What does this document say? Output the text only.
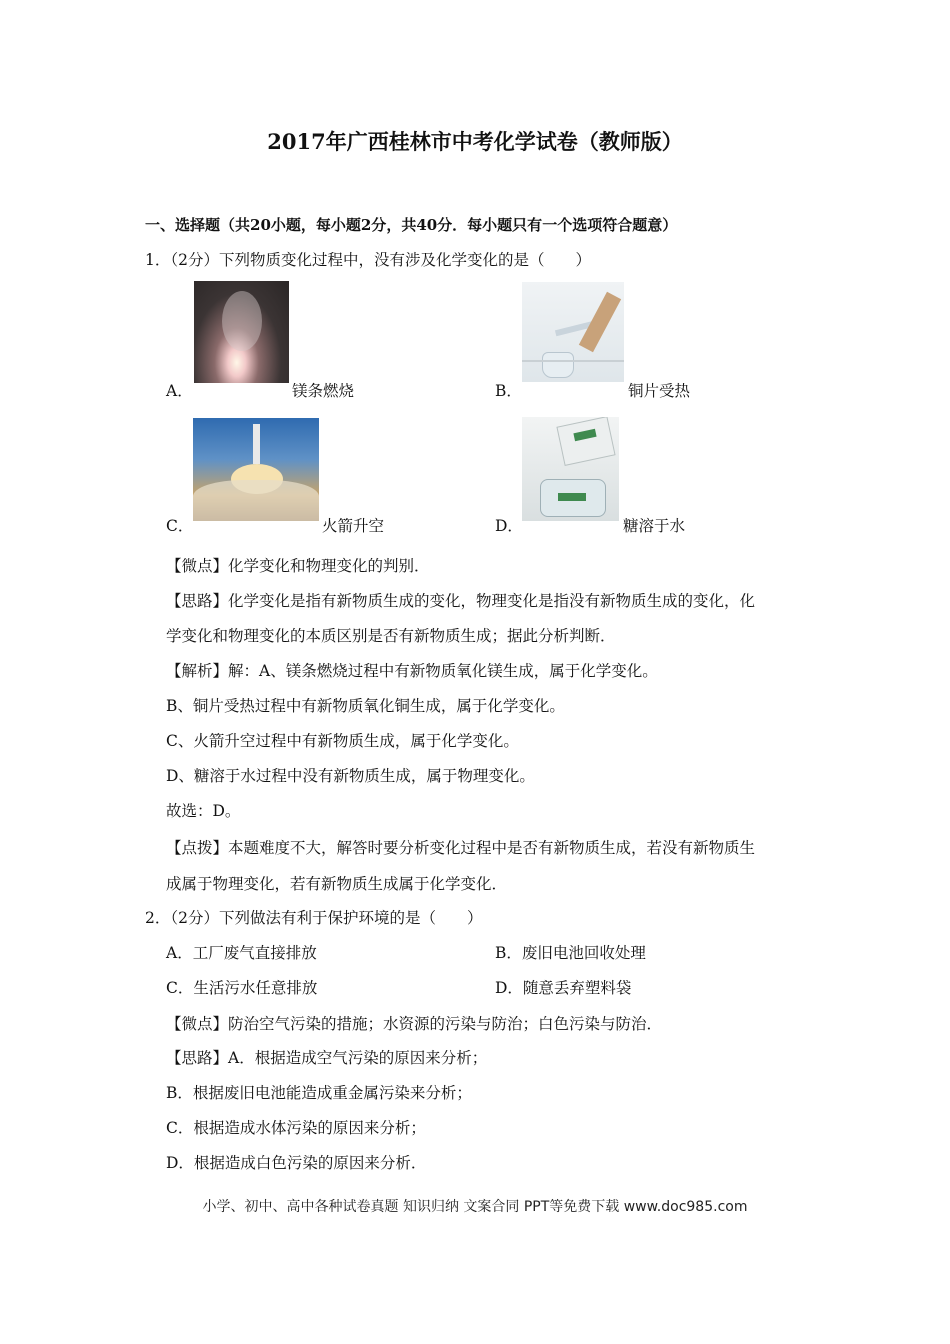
2017年广西桂林市中考化学试卷（教师版）
一、选择题（共20小题，每小题2分，共40分．每小题只有一个选项符合题意）
1．（2分）下列物质变化过程中，没有涉及化学变化的是（　　）
A．	镁条燃烧	B．	铜片受热
C．	火箭升空	D．	糖溶于水
【微点】化学变化和物理变化的判别．
【思路】化学变化是指有新物质生成的变化，物理变化是指没有新物质生成的变化，化
学变化和物理变化的本质区别是否有新物质生成；据此分析判断．
【解析】解：A、镁条燃烧过程中有新物质氧化镁生成，属于化学变化。
B、铜片受热过程中有新物质氧化铜生成，属于化学变化。
C、火箭升空过程中有新物质生成，属于化学变化。
D、糖溶于水过程中没有新物质生成，属于物理变化。
故选：D。
【点拨】本题难度不大，解答时要分析变化过程中是否有新物质生成，若没有新物质生
成属于物理变化，若有新物质生成属于化学变化．
2．（2分）下列做法有利于保护环境的是（　　）
A．工厂废气直接排放	B．废旧电池回收处理
C．生活污水任意排放	D．随意丢弃塑料袋
【微点】防治空气污染的措施；水资源的污染与防治；白色污染与防治．
【思路】A．根据造成空气污染的原因来分析；
B．根据废旧电池能造成重金属污染来分析；
C．根据造成水体污染的原因来分析；
D．根据造成白色污染的原因来分析．
小学、初中、高中各种试卷真题 知识归纳 文案合同 PPT等免费下载 www.doc985.com
